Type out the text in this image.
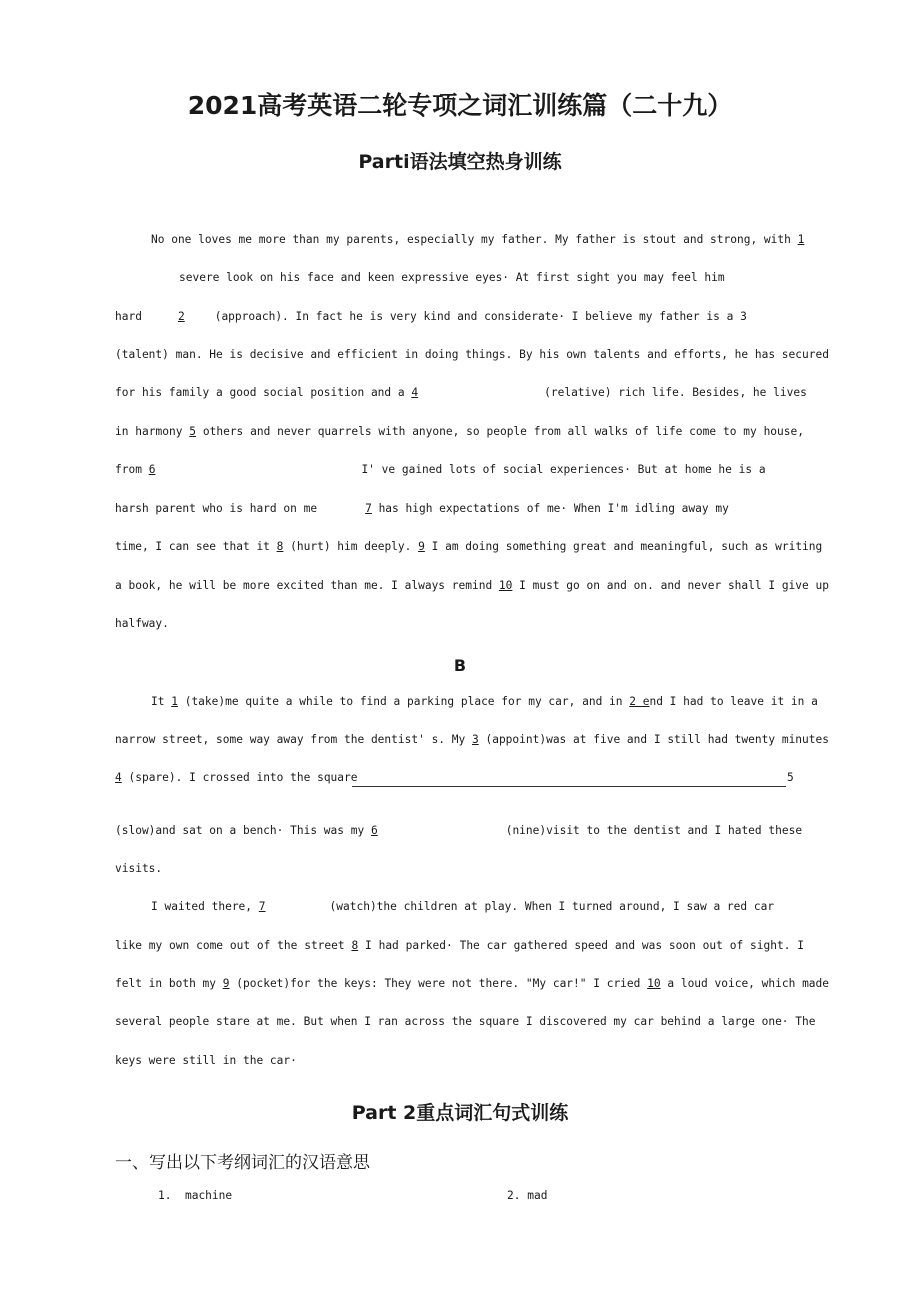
2021高考英语二轮专项之词汇训练篇（二十九）
Parti语法填空热身训练
No one loves me more than my parents, especially my father. My father is stout and strong, with 1
severe look on his face and keen expressive eyes· At first sight you may feel him
hard	2	(approach). In fact he is very kind and considerate· I believe my father is a 3
(talent) man. He is decisive and efficient in doing things. By his own talents and efforts, he has secured
for his family a good social position and a 4	(relative) rich life. Besides, he lives
in harmony 5 others and never quarrels with anyone, so people from all walks of life come to my house,
from 6	I' ve gained lots of social experiences· But at home he is a
harsh parent who is hard on me	7 has high expectations of me· When I'm idling away my
time, I can see that it 8 (hurt) him deeply. 9 I am doing something great and meaningful, such as writing
a book, he will be more excited than me. I always remind 10 I must go on and on. and never shall I give up
halfway.
B
It 1 (take)me quite a while to find a parking place for my car, and in 2 end I had to leave it in a
narrow street, some way away from the dentist' s. My 3 (appoint)was at five and I still had twenty minutes
4 (spare). I crossed into the square	5
(slow)and sat on a bench· This was my 6	(nine)visit to the dentist and I hated these
visits.
I waited there, 7	(watch)the children at play. When I turned around, I saw a red car
like my own come out of the street 8 I had parked· The car gathered speed and was soon out of sight. I
felt in both my 9 (pocket)for the keys: They were not there. "My car!" I cried 10 a loud voice, which made
several people stare at me. But when I ran across the square I discovered my car behind a large one· The
keys were still in the car·
Part 2重点词汇句式训练
一、写出以下考纲词汇的汉语意思
1. machine	2. mad
